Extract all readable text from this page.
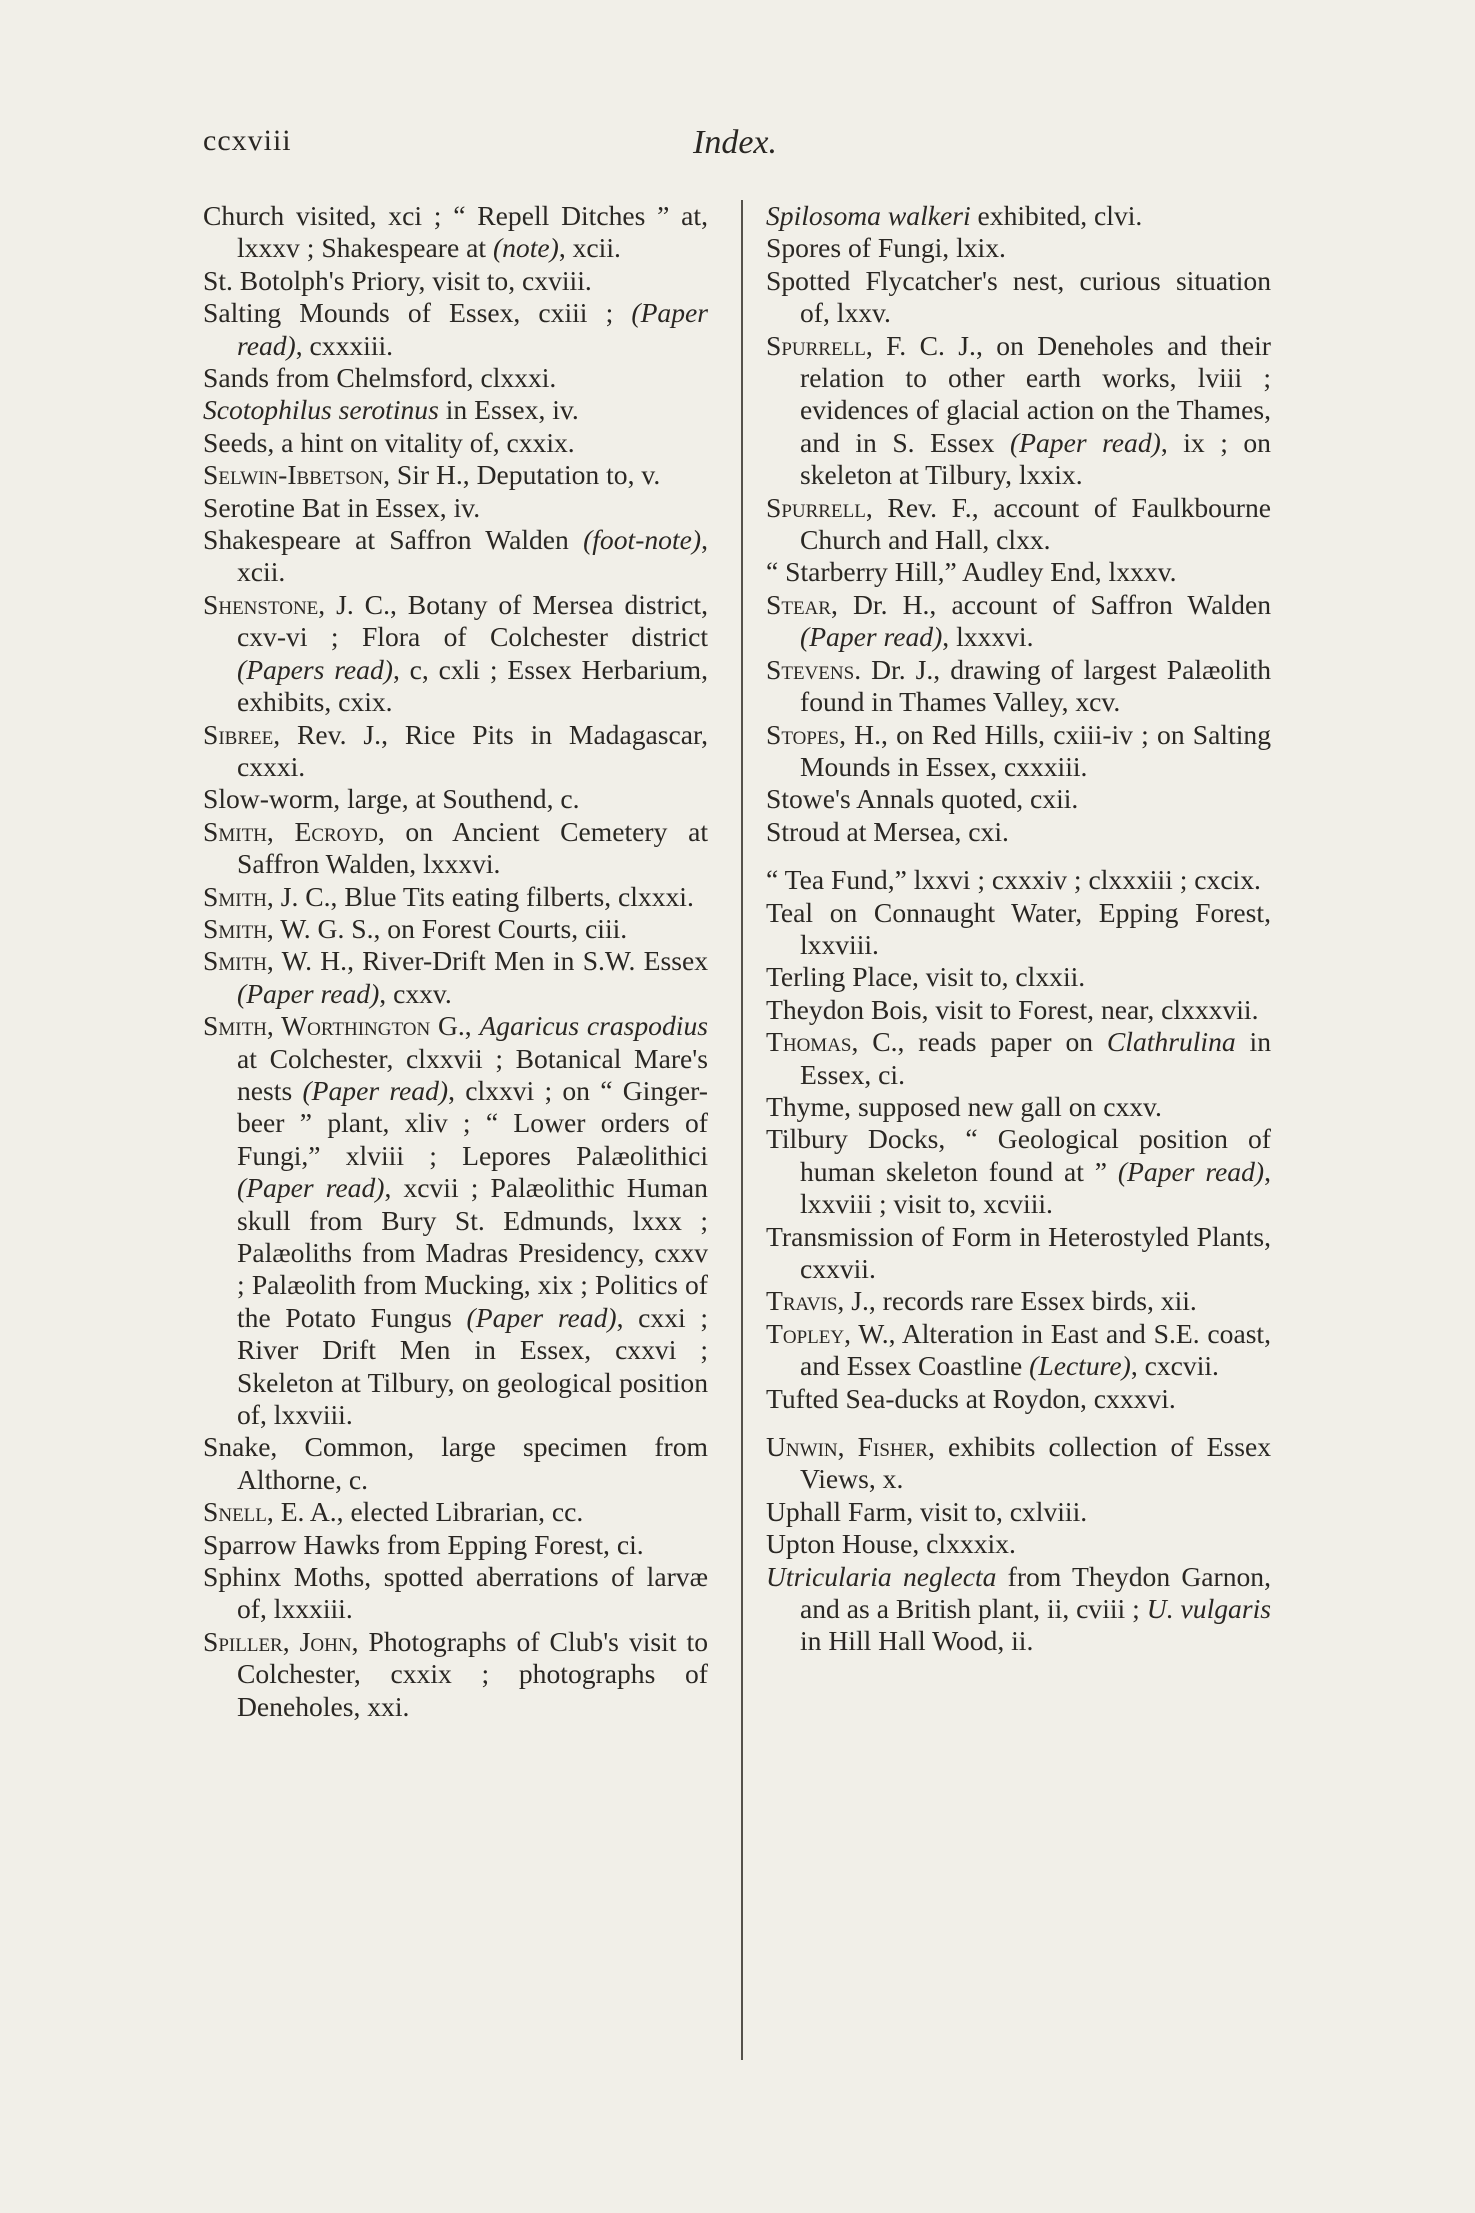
ccxviii	Index.

Church visited, xci ; “ Repell Ditches ” at, lxxxv ; Shakespeare at (note), xcii.

St. Botolph's Priory, visit to, cxviii.

Salting Mounds of Essex, cxiii ; (Paper read), cxxxiii.

Sands from Chelmsford, clxxxi.

Scotophilus serotinus in Essex, iv.

Seeds, a hint on vitality of, cxxix.

Selwin-Ibbetson, Sir H., Deputation to, v.

Serotine Bat in Essex, iv.

Shakespeare at Saffron Walden (foot-note), xcii.

Shenstone, J. C., Botany of Mersea district, cxv-vi ; Flora of Colchester district (Papers read), c, cxli ; Essex Herbarium, exhibits, cxix.

Sibree, Rev. J., Rice Pits in Madagascar, cxxxi.

Slow-worm, large, at Southend, c.

Smith, Ecroyd, on Ancient Cemetery at Saffron Walden, lxxxvi.

Smith, J. C., Blue Tits eating filberts, clxxxi.

Smith, W. G. S., on Forest Courts, ciii.

Smith, W. H., River-Drift Men in S.W. Essex (Paper read), cxxv.

Smith, Worthington G., Agaricus craspodius at Colchester, clxxvii ; Botanical Mare's nests (Paper read), clxxvi ; on “ Ginger-beer ” plant, xliv ; “ Lower orders of Fungi,” xlviii ; Lepores Palæolithici (Paper read), xcvii ; Palæolithic Human skull from Bury St. Edmunds, lxxx ; Palæoliths from Madras Presidency, cxxv ; Palæolith from Mucking, xix ; Politics of the Potato Fungus (Paper read), cxxi ; River Drift Men in Essex, cxxvi ; Skeleton at Tilbury, on geological position of, lxxviii.

Snake, Common, large specimen from Althorne, c.

Snell, E. A., elected Librarian, cc.

Sparrow Hawks from Epping Forest, ci.

Sphinx Moths, spotted aberrations of larvæ of, lxxxiii.

Spiller, John, Photographs of Club's visit to Colchester, cxxix ; photographs of Deneholes, xxi.

Spilosoma walkeri exhibited, clvi.

Spores of Fungi, lxix.

Spotted Flycatcher's nest, curious situation of, lxxv.

Spurrell, F. C. J., on Deneholes and their relation to other earth works, lviii ; evidences of glacial action on the Thames, and in S. Essex (Paper read), ix ; on skeleton at Tilbury, lxxix.

Spurrell, Rev. F., account of Faulkbourne Church and Hall, clxx.

“ Starberry Hill,” Audley End, lxxxv.

Stear, Dr. H., account of Saffron Walden (Paper read), lxxxvi.

Stevens. Dr. J., drawing of largest Palæolith found in Thames Valley, xcv.

Stopes, H., on Red Hills, cxiii-iv ; on Salting Mounds in Essex, cxxxiii.

Stowe's Annals quoted, cxii.

Stroud at Mersea, cxi.

“ Tea Fund,” lxxvi ; cxxxiv ; clxxxiii ; cxcix.

Teal on Connaught Water, Epping Forest, lxxviii.

Terling Place, visit to, clxxii.

Theydon Bois, visit to Forest, near, clxxxvii.

Thomas, C., reads paper on Clathrulina in Essex, ci.

Thyme, supposed new gall on cxxv.

Tilbury Docks, “ Geological position of human skeleton found at ” (Paper read), lxxviii ; visit to, xcviii.

Transmission of Form in Heterostyled Plants, cxxvii.

Travis, J., records rare Essex birds, xii.

Topley, W., Alteration in East and S.E. coast, and Essex Coastline (Lecture), cxcvii.

Tufted Sea-ducks at Roydon, cxxxvi.

Unwin, Fisher, exhibits collection of Essex Views, x.

Uphall Farm, visit to, cxlviii.

Upton House, clxxxix.

Utricularia neglecta from Theydon Garnon, and as a British plant, ii, cviii ; U. vulgaris in Hill Hall Wood, ii.
